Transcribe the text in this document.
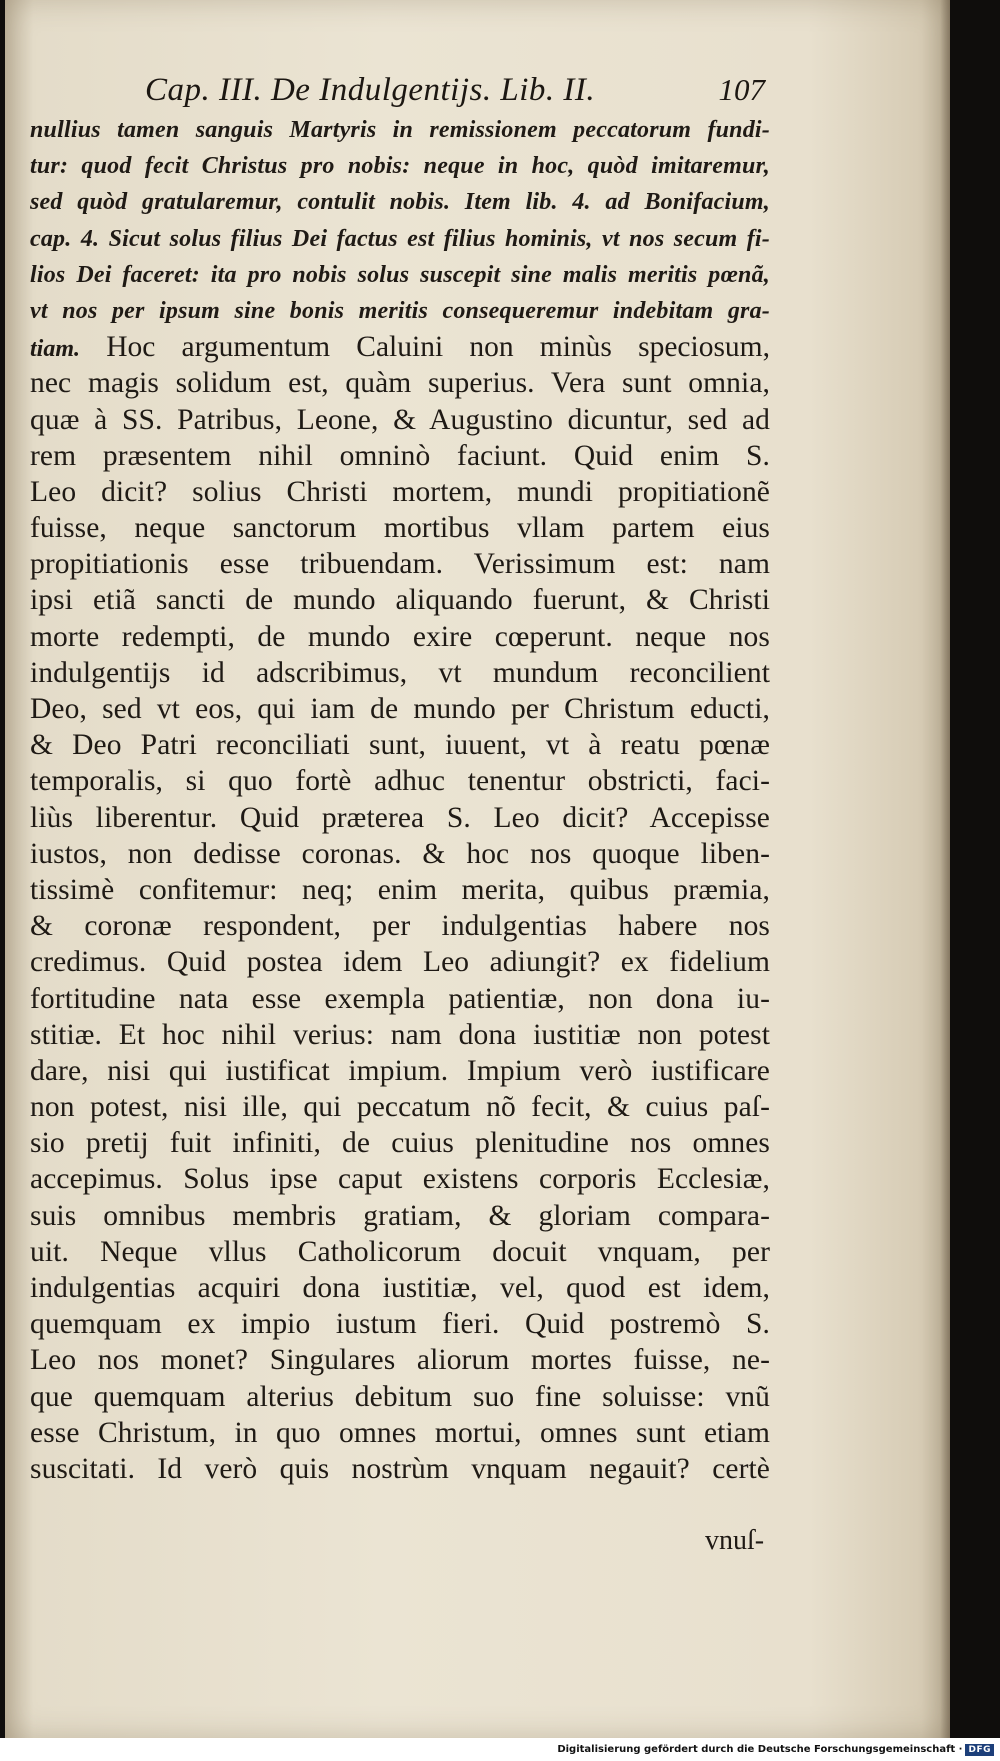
Cap. III. De Indulgentijs. Lib. II.	107
nullius tamen sanguis Martyris in remissionem peccatorum fundi-
tur: quod fecit Christus pro nobis: neque in hoc, quòd imitaremur,
sed quòd gratularemur, contulit nobis. Item lib. 4. ad Bonifacium,
cap. 4. Sicut solus filius Dei factus est filius hominis, vt nos secum fi-
lios Dei faceret: ita pro nobis solus suscepit sine malis meritis pœnã,
vt nos per ipsum sine bonis meritis consequeremur indebitam gra-
tiam. Hoc argumentum Caluini non minùs speciosum,
nec magis solidum est, quàm superius. Vera sunt omnia,
quæ à SS. Patribus, Leone, & Augustino dicuntur, sed ad
rem præsentem nihil omninò faciunt. Quid enim S.
Leo dicit? solius Christi mortem, mundi propitiationẽ
fuisse, neque sanctorum mortibus vllam partem eius
propitiationis esse tribuendam. Verissimum est: nam
ipsi etiã sancti de mundo aliquando fuerunt, & Christi
morte redempti, de mundo exire cœperunt. neque nos
indulgentijs id adscribimus, vt mundum reconcilient
Deo, sed vt eos, qui iam de mundo per Christum educti,
& Deo Patri reconciliati sunt, iuuent, vt à reatu pœnæ
temporalis, si quo fortè adhuc tenentur obstricti, faci-
liùs liberentur. Quid præterea S. Leo dicit? Accepisse
iustos, non dedisse coronas. & hoc nos quoque liben-
tissimè confitemur: neq; enim merita, quibus præmia,
& coronæ respondent, per indulgentias habere nos
credimus. Quid postea idem Leo adiungit? ex fidelium
fortitudine nata esse exempla patientiæ, non dona iu-
stitiæ. Et hoc nihil verius: nam dona iustitiæ non potest
dare, nisi qui iustificat impium. Impium verò iustificare
non potest, nisi ille, qui peccatum nõ fecit, & cuius paſ-
sio pretij fuit infiniti, de cuius plenitudine nos omnes
accepimus. Solus ipse caput existens corporis Ecclesiæ,
suis omnibus membris gratiam, & gloriam compara-
uit. Neque vllus Catholicorum docuit vnquam, per
indulgentias acquiri dona iustitiæ, vel, quod est idem,
quemquam ex impio iustum fieri. Quid postremò S.
Leo nos monet? Singulares aliorum mortes fuisse, ne-
que quemquam alterius debitum suo fine soluisse: vnũ
esse Christum, in quo omnes mortui, omnes sunt etiam
suscitati. Id verò quis nostrùm vnquam negauit? certè
vnuſ-
Digitalisierung gefördert durch die Deutsche Forschungsgemeinschaft · DFG
